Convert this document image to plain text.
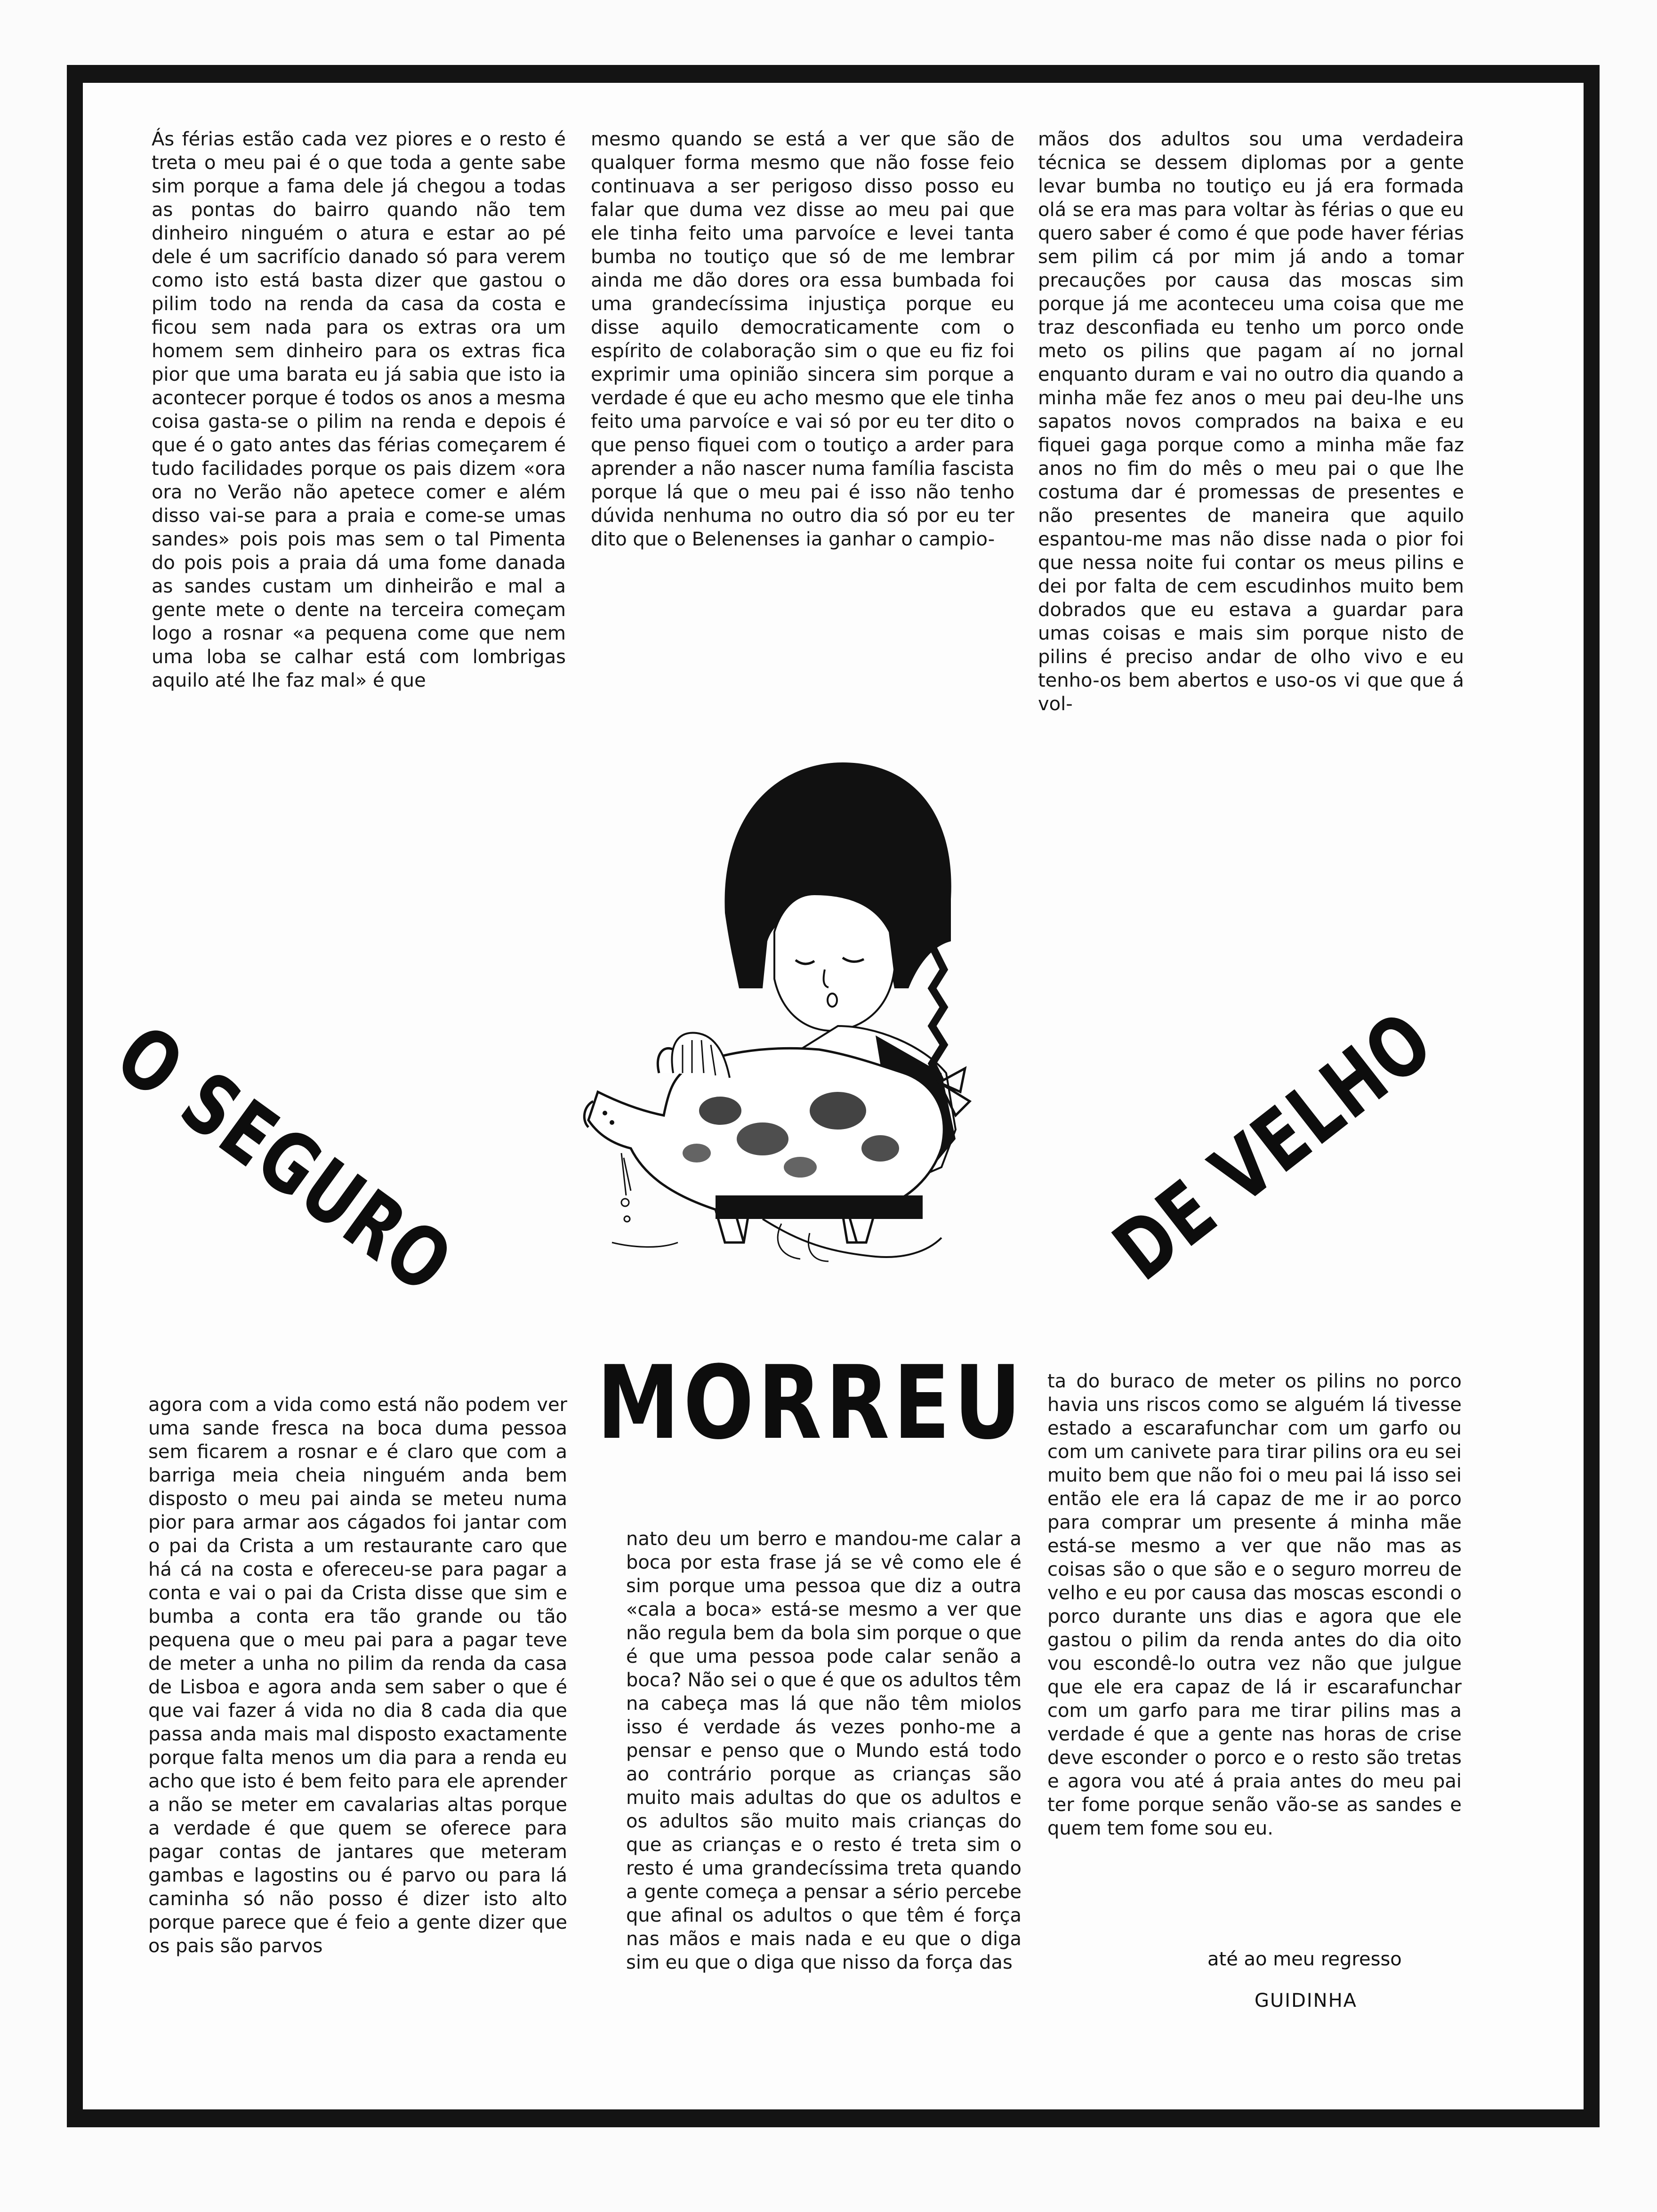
Ás férias estão cada vez piores e o resto é treta o meu pai é o que toda a gente sabe sim porque a fama dele já chegou a todas as pontas do bairro quando não tem dinheiro ninguém o atura e estar ao pé dele é um sacrifício danado só para verem como isto está basta dizer que gastou o pilim todo na renda da casa da costa e ficou sem nada para os extras ora um homem sem dinheiro para os extras fica pior que uma barata eu já sabia que isto ia acontecer porque é todos os anos a mesma coisa gasta-se o pilim na renda e depois é que é o gato antes das férias começarem é tudo facilidades porque os pais dizem «ora ora no Verão não apetece comer e além disso vai-se para a praia e come-se umas sandes» pois pois mas sem o tal Pimenta do pois pois a praia dá uma fome danada as sandes custam um dinheirão e mal a gente mete o dente na terceira começam logo a rosnar «a pequena come que nem uma loba se calhar está com lombrigas aquilo até lhe faz mal» é que

mesmo quando se está a ver que são de qualquer forma mesmo que não fosse feio continuava a ser perigoso disso posso eu falar que duma vez disse ao meu pai que ele tinha feito uma parvoíce e levei tanta bumba no toutiço que só de me lembrar ainda me dão dores ora essa bumbada foi uma grandecíssima injustiça porque eu disse aquilo democraticamente com o espírito de colaboração sim o que eu fiz foi exprimir uma opinião sincera sim porque a verdade é que eu acho mesmo que ele tinha feito uma parvoíce e vai só por eu ter dito o que penso fiquei com o toutiço a arder para aprender a não nascer numa família fascista porque lá que o meu pai é isso não tenho dúvida nenhuma no outro dia só por eu ter dito que o Belenenses ia ganhar o campio-

mãos dos adultos sou uma verdadeira técnica se dessem diplomas por a gente levar bumba no toutiço eu já era formada olá se era mas para voltar às férias o que eu quero saber é como é que pode haver férias sem pilim cá por mim já ando a tomar precauções por causa das moscas sim porque já me aconteceu uma coisa que me traz desconfiada eu tenho um porco onde meto os pilins que pagam aí no jornal enquanto duram e vai no outro dia quando a minha mãe fez anos o meu pai deu-lhe uns sapatos novos comprados na baixa e eu fiquei gaga porque como a minha mãe faz anos no fim do mês o meu pai o que lhe costuma dar é promessas de presentes e não presentes de maneira que aquilo espantou-me mas não disse nada o pior foi que nessa noite fui contar os meus pilins e dei por falta de cem escudinhos muito bem dobrados que eu estava a guardar para umas coisas e mais sim porque nisto de pilins é preciso andar de olho vivo e eu tenho-os bem abertos e uso-os vi que que á vol-

O SEGURO	DE VELHO
MORREU

agora com a vida como está não podem ver uma sande fresca na boca duma pessoa sem ficarem a rosnar e é claro que com a barriga meia cheia ninguém anda bem disposto o meu pai ainda se meteu numa pior para armar aos cágados foi jantar com o pai da Crista a um restaurante caro que há cá na costa e ofereceu-se para pagar a conta e vai o pai da Crista disse que sim e bumba a conta era tão grande ou tão pequena que o meu pai para a pagar teve de meter a unha no pilim da renda da casa de Lisboa e agora anda sem saber o que é que vai fazer á vida no dia 8 cada dia que passa anda mais mal disposto exactamente porque falta menos um dia para a renda eu acho que isto é bem feito para ele aprender a não se meter em cavalarias altas porque a verdade é que quem se oferece para pagar contas de jantares que meteram gambas e lagostins ou é parvo ou para lá caminha só não posso é dizer isto alto porque parece que é feio a gente dizer que os pais são parvos

nato deu um berro e mandou-me calar a boca por esta frase já se vê como ele é sim porque uma pessoa que diz a outra «cala a boca» está-se mesmo a ver que não regula bem da bola sim porque o que é que uma pessoa pode calar senão a boca? Não sei o que é que os adultos têm na cabeça mas lá que não têm miolos isso é verdade ás vezes ponho-me a pensar e penso que o Mundo está todo ao contrário porque as crianças são muito mais adultas do que os adultos e os adultos são muito mais crianças do que as crianças e o resto é treta sim o resto é uma grandecíssima treta quando a gente começa a pensar a sério percebe que afinal os adultos o que têm é força nas mãos e mais nada e eu que o diga sim eu que o diga que nisso da força das

ta do buraco de meter os pilins no porco havia uns riscos como se alguém lá tivesse estado a escarafunchar com um garfo ou com um canivete para tirar pilins ora eu sei muito bem que não foi o meu pai lá isso sei então ele era lá capaz de me ir ao porco para comprar um presente á minha mãe está-se mesmo a ver que não mas as coisas são o que são e o seguro morreu de velho e eu por causa das moscas escondi o porco durante uns dias e agora que ele gastou o pilim da renda antes do dia oito vou escondê-lo outra vez não que julgue que ele era capaz de lá ir escarafunchar com um garfo para me tirar pilins mas a verdade é que a gente nas horas de crise deve esconder o porco e o resto são tretas e agora vou até á praia antes do meu pai ter fome porque senão vão-se as sandes e quem tem fome sou eu.

até ao meu regresso
GUIDINHA
